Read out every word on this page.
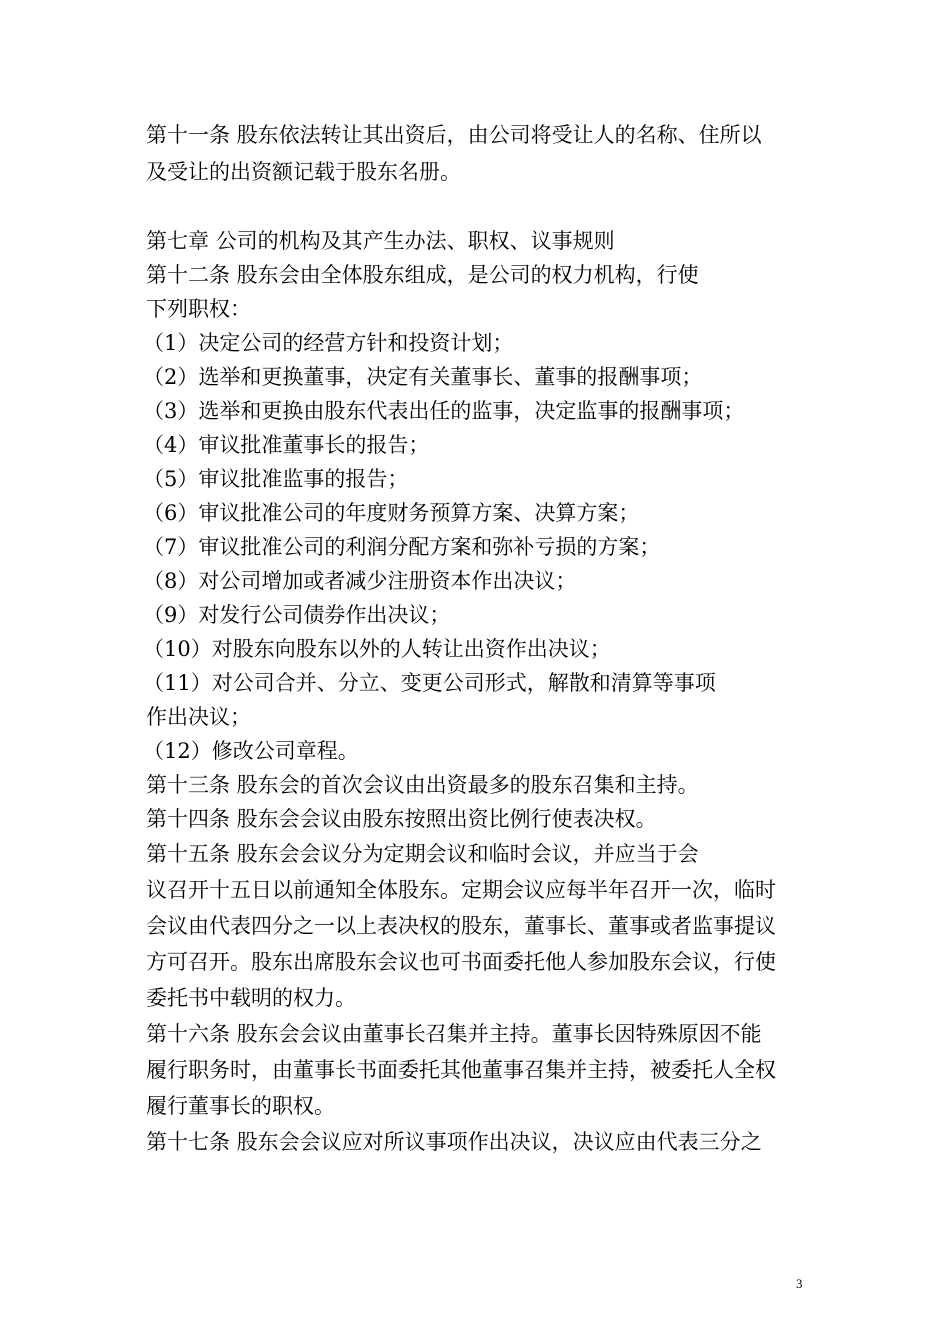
第十一条 股东依法转让其出资后，由公司将受让人的名称、住所以
及受让的出资额记载于股东名册。
第七章 公司的机构及其产生办法、职权、议事规则
第十二条 股东会由全体股东组成，是公司的权力机构，行使
下列职权：
（1）决定公司的经营方针和投资计划；
（2）选举和更换董事，决定有关董事长、董事的报酬事项；
（3）选举和更换由股东代表出任的监事，决定监事的报酬事项；
（4）审议批准董事长的报告；
（5）审议批准监事的报告；
（6）审议批准公司的年度财务预算方案、决算方案；
（7）审议批准公司的利润分配方案和弥补亏损的方案；
（8）对公司增加或者减少注册资本作出决议；
（9）对发行公司债券作出决议；
（10）对股东向股东以外的人转让出资作出决议；
（11）对公司合并、分立、变更公司形式，解散和清算等事项
作出决议；
（12）修改公司章程。
第十三条 股东会的首次会议由出资最多的股东召集和主持。
第十四条 股东会会议由股东按照出资比例行使表决权。
第十五条 股东会会议分为定期会议和临时会议，并应当于会
议召开十五日以前通知全体股东。定期会议应每半年召开一次，临时
会议由代表四分之一以上表决权的股东，董事长、董事或者监事提议
方可召开。股东出席股东会议也可书面委托他人参加股东会议，行使
委托书中载明的权力。
第十六条 股东会会议由董事长召集并主持。董事长因特殊原因不能
履行职务时，由董事长书面委托其他董事召集并主持，被委托人全权
履行董事长的职权。
第十七条 股东会会议应对所议事项作出决议，决议应由代表三分之
3
